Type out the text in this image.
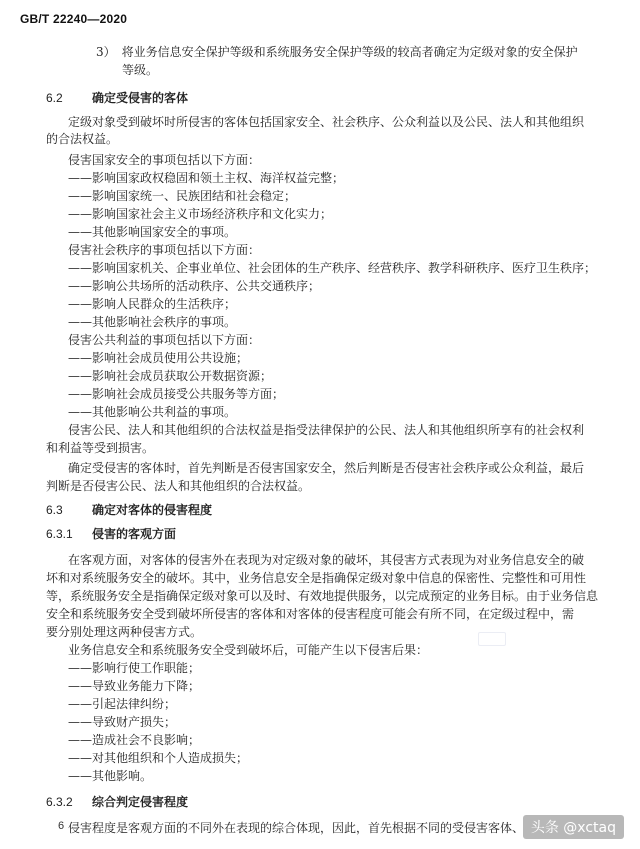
GB/T 22240—2020
3）　将业务信息安全保护等级和系统服务安全保护等级的较高者确定为定级对象的安全保护
等级。
6.2 确定受侵害的客体
定级对象受到破坏时所侵害的客体包括国家安全、社会秩序、公众利益以及公民、法人和其他组织
的合法权益。
侵害国家安全的事项包括以下方面：
——影响国家政权稳固和领土主权、海洋权益完整；
——影响国家统一、民族团结和社会稳定；
——影响国家社会主义市场经济秩序和文化实力；
——其他影响国家安全的事项。
侵害社会秩序的事项包括以下方面：
——影响国家机关、企事业单位、社会团体的生产秩序、经营秩序、教学科研秩序、医疗卫生秩序；
——影响公共场所的活动秩序、公共交通秩序；
——影响人民群众的生活秩序；
——其他影响社会秩序的事项。
侵害公共利益的事项包括以下方面：
——影响社会成员使用公共设施；
——影响社会成员获取公开数据资源；
——影响社会成员接受公共服务等方面；
——其他影响公共利益的事项。
侵害公民、法人和其他组织的合法权益是指受法律保护的公民、法人和其他组织所享有的社会权利
和利益等受到损害。
确定受侵害的客体时，首先判断是否侵害国家安全，然后判断是否侵害社会秩序或公众利益，最后
判断是否侵害公民、法人和其他组织的合法权益。
6.3 确定对客体的侵害程度
6.3.1 侵害的客观方面
在客观方面，对客体的侵害外在表现为对定级对象的破坏，其侵害方式表现为对业务信息安全的破
坏和对系统服务安全的破坏。其中，业务信息安全是指确保定级对象中信息的保密性、完整性和可用性
等，系统服务安全是指确保定级对象可以及时、有效地提供服务，以完成预定的业务目标。由于业务信息
安全和系统服务安全受到破坏所侵害的客体和对客体的侵害程度可能会有所不同，在定级过程中，需
要分别处理这两种侵害方式。
业务信息安全和系统服务安全受到破坏后，可能产生以下侵害后果：
——影响行使工作职能；
——导致业务能力下降；
——引起法律纠纷；
——导致财产损失；
——造成社会不良影响；
——对其他组织和个人造成损失；
——其他影响。
6.3.2 综合判定侵害程度
侵害程度是客观方面的不同外在表现的综合体现，因此，首先根据不同的受侵害客体、
6	头条 @xctaq
